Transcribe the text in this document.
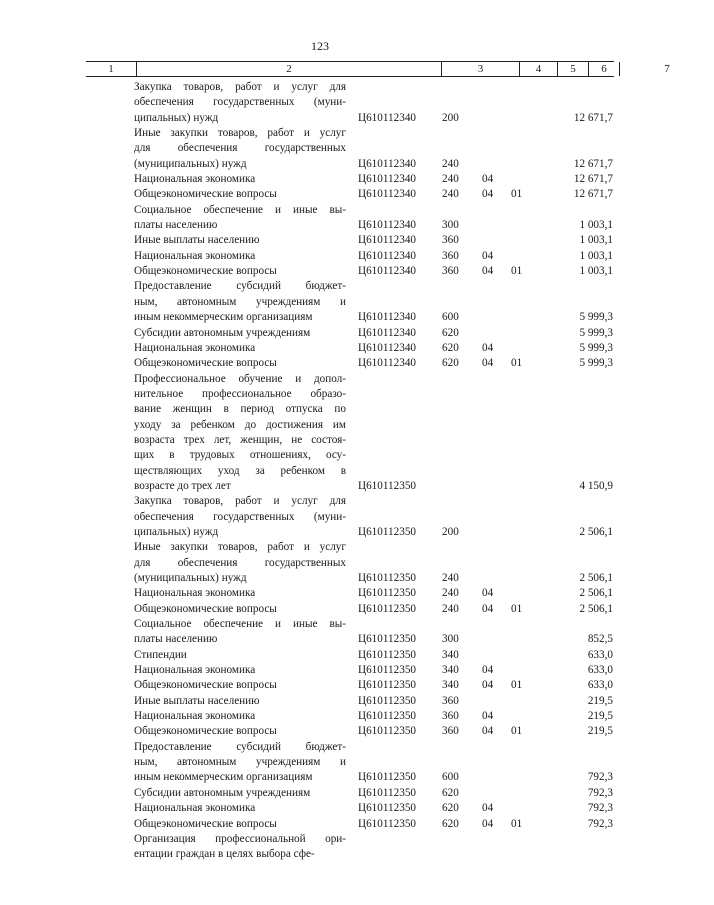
123
1	2	3	4	5	6	7
Закупка товаров, работ и услуг для
обеспечения государственных (муни-
ципальных) нужд	Ц610112340 200	12 671,7
Иные закупки товаров, работ и услуг
для обеспечения государственных
(муниципальных) нужд	Ц610112340 240	12 671,7
Национальная экономика	Ц610112340 240 04	12 671,7
Общеэкономические вопросы	Ц610112340 240 04 01	12 671,7
Социальное обеспечение и иные вы-
платы населению	Ц610112340 300	1 003,1
Иные выплаты населению	Ц610112340 360	1 003,1
Национальная экономика	Ц610112340 360 04	1 003,1
Общеэкономические вопросы	Ц610112340 360 04 01	1 003,1
Предоставление субсидий бюджет-
ным, автономным учреждениям и
иным некоммерческим организациям	Ц610112340 600	5 999,3
Субсидии автономным учреждениям	Ц610112340 620	5 999,3
Национальная экономика	Ц610112340 620 04	5 999,3
Общеэкономические вопросы	Ц610112340 620 04 01	5 999,3
Профессиональное обучение и допол-
нительное профессиональное образо-
вание женщин в период отпуска по
уходу за ребенком до достижения им
возраста трех лет, женщин, не состоя-
щих в трудовых отношениях, осу-
ществляющих уход за ребенком в
возрасте до трех лет	Ц610112350	4 150,9
Закупка товаров, работ и услуг для
обеспечения государственных (муни-
ципальных) нужд	Ц610112350 200	2 506,1
Иные закупки товаров, работ и услуг
для обеспечения государственных
(муниципальных) нужд	Ц610112350 240	2 506,1
Национальная экономика	Ц610112350 240 04	2 506,1
Общеэкономические вопросы	Ц610112350 240 04 01	2 506,1
Социальное обеспечение и иные вы-
платы населению	Ц610112350 300	852,5
Стипендии	Ц610112350 340	633,0
Национальная экономика	Ц610112350 340 04	633,0
Общеэкономические вопросы	Ц610112350 340 04 01	633,0
Иные выплаты населению	Ц610112350 360	219,5
Национальная экономика	Ц610112350 360 04	219,5
Общеэкономические вопросы	Ц610112350 360 04 01	219,5
Предоставление субсидий бюджет-
ным, автономным учреждениям и
иным некоммерческим организациям	Ц610112350 600	792,3
Субсидии автономным учреждениям	Ц610112350 620	792,3
Национальная экономика	Ц610112350 620 04	792,3
Общеэкономические вопросы	Ц610112350 620 04 01	792,3
Организация профессиональной ори-
ентации граждан в целях выбора сфе-
